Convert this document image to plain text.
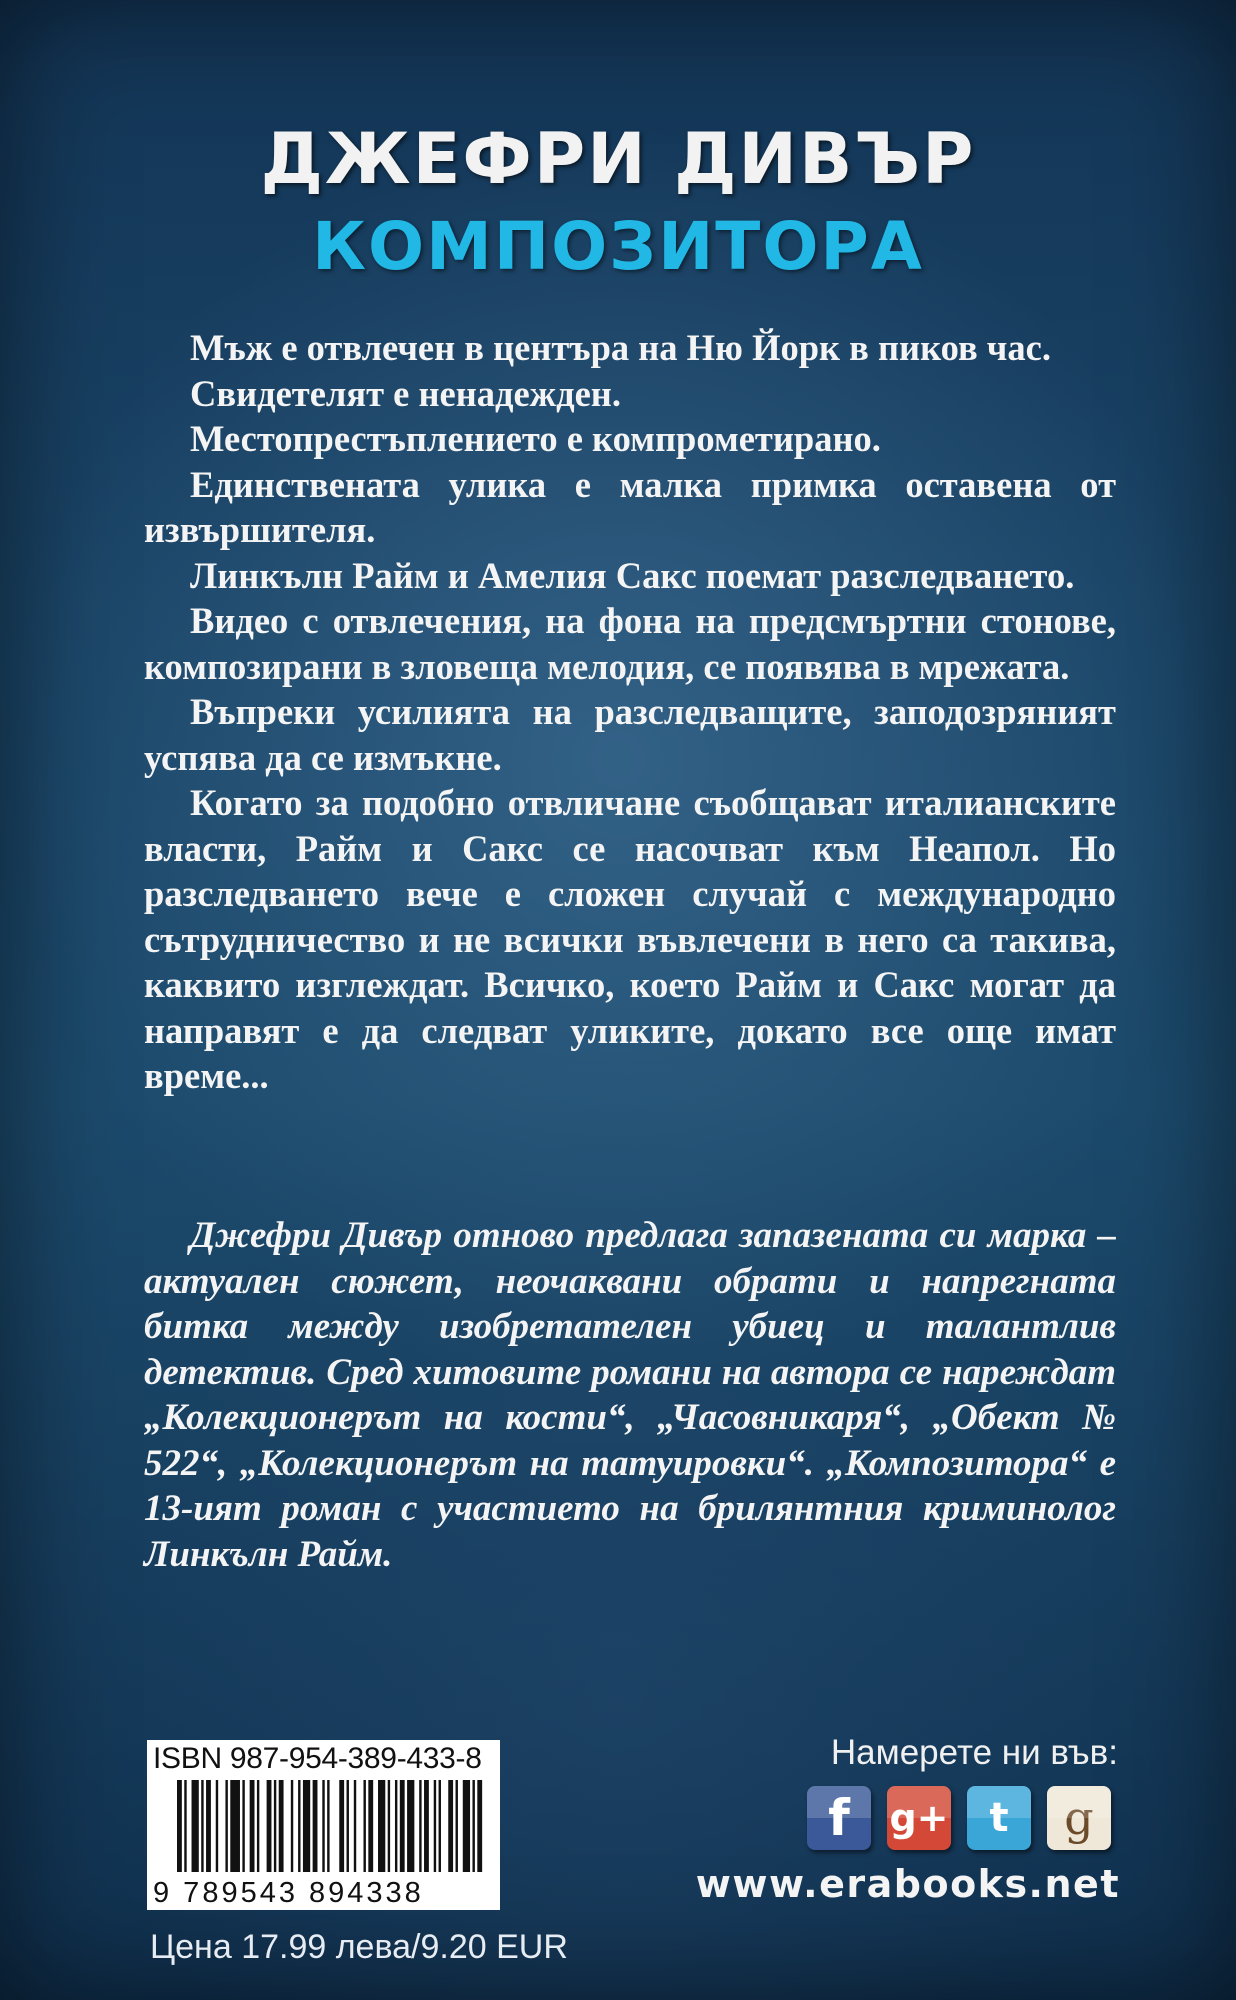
ДЖЕФРИ ДИВЪР
КОМПОЗИТОРА

Мъж е отвлечен в центъра на Ню Йорк в пиков час.

Свидетелят е ненадежден.

Местопрестъплението е компрометирано.

Единствената улика е малка примка оставена от извършителя.

Линкълн Райм и Амелия Сакс поемат разследването.

Видео с отвлечения, на фона на предсмъртни стонове, композирани в зловеща мелодия, се появява в мрежата.

Въпреки усилията на разследващите, заподозряният успява да се измъкне.

Когато за подобно отвличане съобщават италианските власти, Райм и Сакс се насочват към Неапол. Но разследването вече е сложен случай с международно сътрудничество и не всички въвлечени в него са такива, каквито изглеждат. Всичко, което Райм и Сакс могат да направят е да следват уликите, докато все още имат време...

Джефри Дивър отново предлага запазената си марка – актуален сюжет, неочаквани обрати и напрегната битка между изобретателен убиец и талантлив детектив. Сред хитовите романи на автора се нареждат „Колекционерът на кости“, „Часовникаря“, „Обект № 522“, „Колекционерът на татуировки“. „Композитора“ е 13-ият роман с участието на брилянтния криминолог Линкълн Райм.

ISBN 987-954-389-433-8
9 789543 894338
Цена 17.99 лева/9.20 EUR
Намерете ни във:
f	g+	t	g
www.erabooks.net
